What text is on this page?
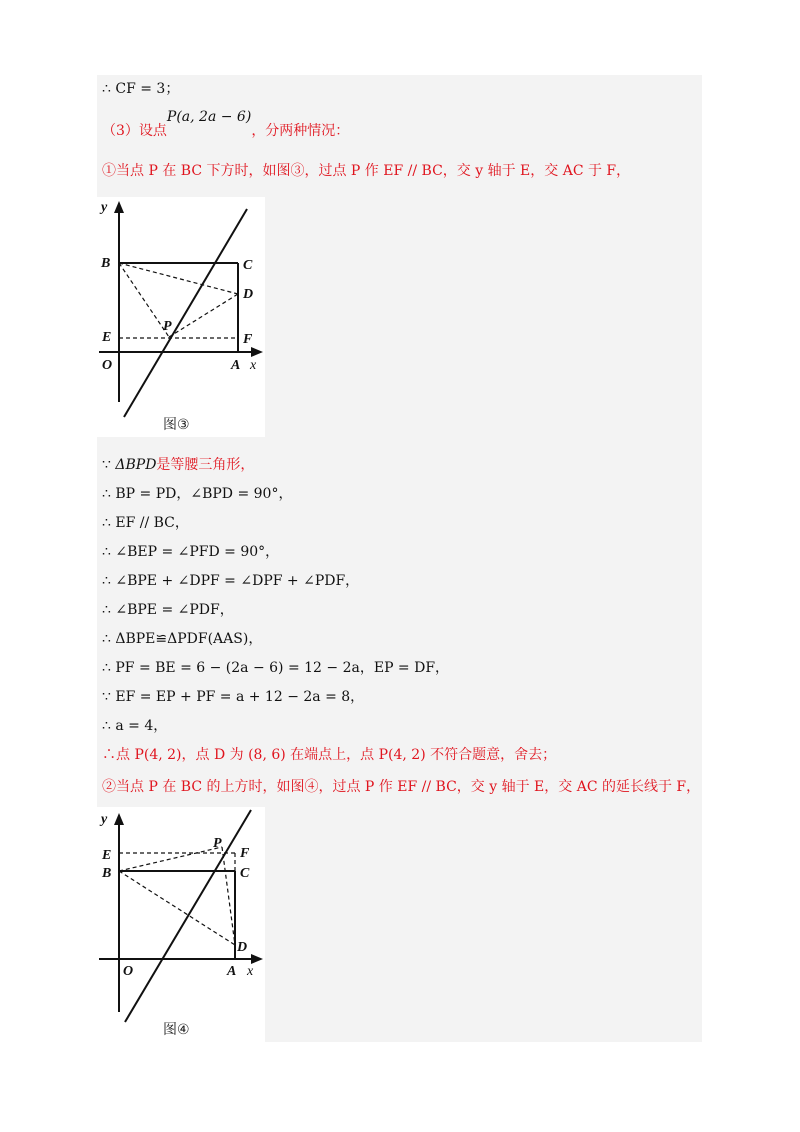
∴ CF = 3；
（3）设点P(a, 2a − 6)，分两种情况：
①当点 P 在 BC 下方时，如图③，过点 P 作 EF // BC，交 y 轴于 E，交 AC 于 F，
y
B	C
D
P
E	F
O	A x
图③
∵ ΔBPD是等腰三角形，
∴ BP = PD，∠BPD = 90°，
∴ EF // BC，
∴ ∠BEP = ∠PFD = 90°，
∴ ∠BPE + ∠DPF = ∠DPF + ∠PDF，
∴ ∠BPE = ∠PDF，
∴ ΔBPE≌ΔPDF(AAS)，
∴ PF = BE = 6 − (2a − 6) = 12 − 2a，EP = DF，
∵ EF = EP + PF = a + 12 − 2a = 8，
∴ a = 4，
∴点 P(4, 2)，点 D 为 (8, 6) 在端点上，点 P(4, 2) 不符合题意，舍去；
②当点 P 在 BC 的上方时，如图④，过点 P 作 EF // BC，交 y 轴于 E，交 AC 的延长线于 F，
y
E
P
F
B	C
D
O	A x
图④
